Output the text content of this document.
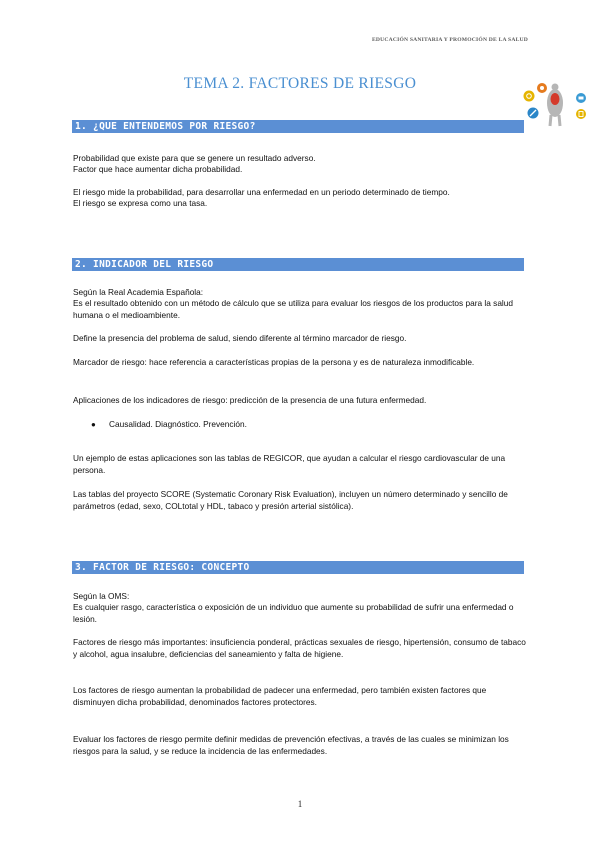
EDUCACIÓN SANITARIA Y PROMOCIÓN DE LA SALUD
TEMA 2. FACTORES DE RIESGO
1. ¿QUE ENTENDEMOS POR RIESGO?

Probabilidad que existe para que se genere un resultado adverso.

Factor que hace aumentar dicha probabilidad.

El riesgo mide la probabilidad, para desarrollar una enfermedad en un periodo determinado de tiempo.

El riesgo se expresa como una tasa.

2. INDICADOR DEL RIESGO

Según la Real Academia Española:

Es el resultado obtenido con un método de cálculo que se utiliza para evaluar los riesgos de los productos para la salud humana o el medioambiente.

Define la presencia del problema de salud, siendo diferente al término marcador de riesgo.

Marcador de riesgo: hace referencia a características propias de la persona y es de naturaleza inmodificable.

Aplicaciones de los indicadores de riesgo: predicción de la presencia de una futura enfermedad.

● Causalidad. Diagnóstico. Prevención.

Un ejemplo de estas aplicaciones son las tablas de REGICOR, que ayudan a calcular el riesgo cardiovascular de una persona.

Las tablas del proyecto SCORE (Systematic Coronary Risk Evaluation), incluyen un número determinado y sencillo de parámetros (edad, sexo, COLtotal y HDL, tabaco y presión arterial sistólica).

3. FACTOR DE RIESGO: CONCEPTO

Según la OMS:

Es cualquier rasgo, característica o exposición de un individuo que aumente su probabilidad de sufrir una enfermedad o lesión.

Factores de riesgo más importantes: insuficiencia ponderal, prácticas sexuales de riesgo, hipertensión, consumo de tabaco y alcohol, agua insalubre, deficiencias del saneamiento y falta de higiene.

Los factores de riesgo aumentan la probabilidad de padecer una enfermedad, pero también existen factores que disminuyen dicha probabilidad, denominados factores protectores.

Evaluar los factores de riesgo permite definir medidas de prevención efectivas, a través de las cuales se minimizan los riesgos para la salud, y se reduce la incidencia de las enfermedades.

1
